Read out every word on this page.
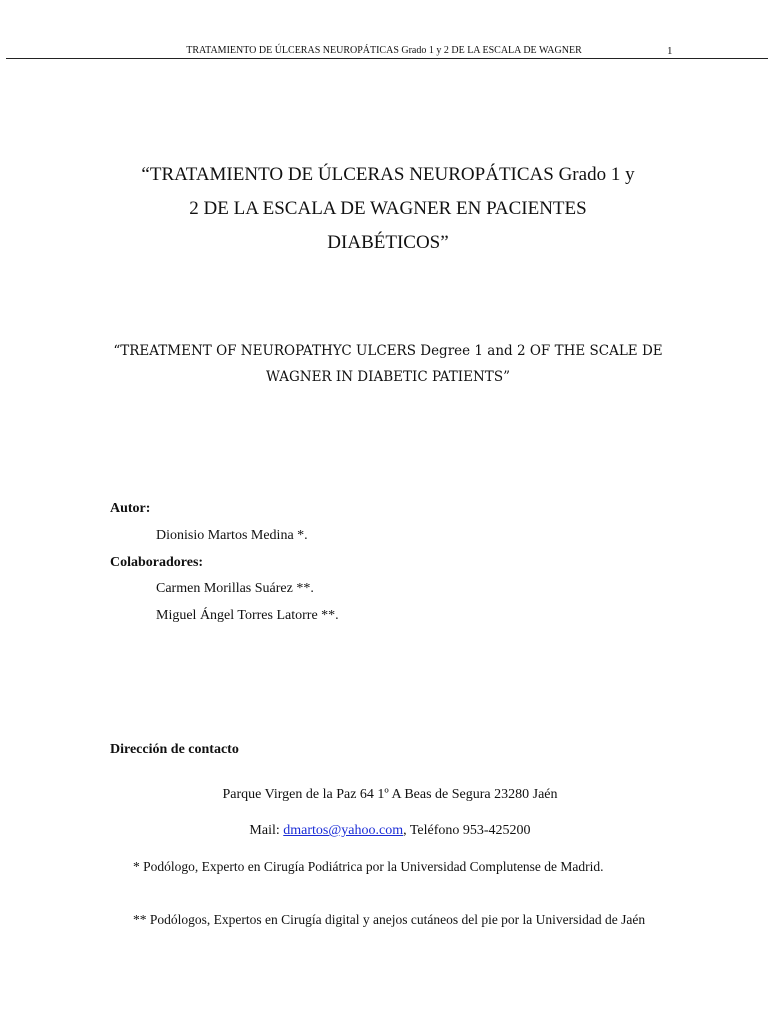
TRATAMIENTO DE ÚLCERAS NEUROPÁTICAS Grado 1 y 2 DE LA ESCALA DE WAGNER	1
“TRATAMIENTO DE ÚLCERAS NEUROPÁTICAS Grado 1 y
2 DE LA ESCALA DE WAGNER EN PACIENTES
DIABÉTICOS”
“TREATMENT OF NEUROPATHYC ULCERS Degree 1 and 2 OF THE SCALE DE
WAGNER IN DIABETIC PATIENTS”
Autor:
Dionisio Martos Medina *.
Colaboradores:
Carmen Morillas Suárez **.
Miguel Ángel Torres Latorre **.
Dirección de contacto
Parque Virgen de la Paz 64 1º A Beas de Segura 23280 Jaén
Mail: dmartos@yahoo.com, Teléfono 953-425200
* Podólogo, Experto en Cirugía Podiátrica por la Universidad Complutense de Madrid.
** Podólogos, Expertos en Cirugía digital y anejos cutáneos del pie por la Universidad de Jaén
